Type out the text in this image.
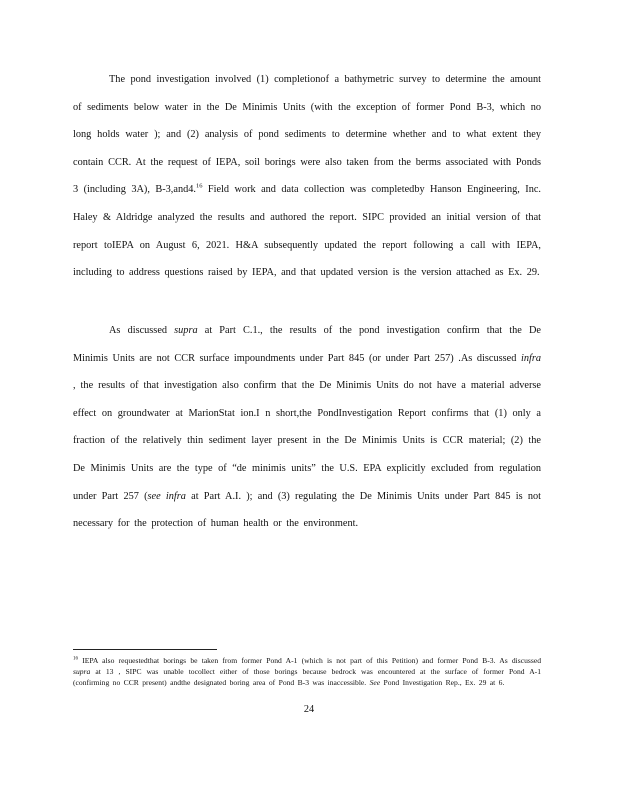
The pond investigation involved (1) completionof a bathymetric survey to determine the amount of sediments below water in the De Minimis Units (with the exception of former Pond B-3, which no long holds water ); and (2) analysis of pond sediments to determine whether and to what extent they contain CCR. At the request of IEPA, soil borings were also taken from the berms associated with Ponds 3 (including 3A), B-3,and4.16 Field work and data collection was completedby Hanson Engineering, Inc. Haley & Aldridge analyzed the results and authored the report. SIPC provided an initial version of that report toIEPA on August 6, 2021. H&A subsequently updated the report following a call with IEPA, including to address questions raised by IEPA, and that updated version is the version attached as Ex. 29.

As discussed supra at Part C.1., the results of the pond investigation confirm that the De Minimis Units are not CCR surface impoundments under Part 845 (or under Part 257) .As discussed infra , the results of that investigation also confirm that the De Minimis Units do not have a material adverse effect on groundwater at MarionStat ion.I n short,the PondInvestigation Report confirms that (1) only a fraction of the relatively thin sediment layer present in the De Minimis Units is CCR material; (2) the De Minimis Units are the type of “de minimis units” the U.S. EPA explicitly excluded from regulation under Part 257 (see infra at Part A.I. ); and (3) regulating the De Minimis Units under Part 845 is not necessary for the protection of human health or the environment.

$^{16}$ IEPA also requestedthat borings be taken from former Pond A-1 (which is not part of this Petition) and former Pond B-3. As discussed supra at 13 , SIPC was unable tocollect either of those borings because bedrock was encountered at the surface of former Pond A-1 (confirming no CCR present) andthe designated boring area of Pond B-3 was inaccessible. See Pond Investigation Rep., Ex. 29 at 6.

24
